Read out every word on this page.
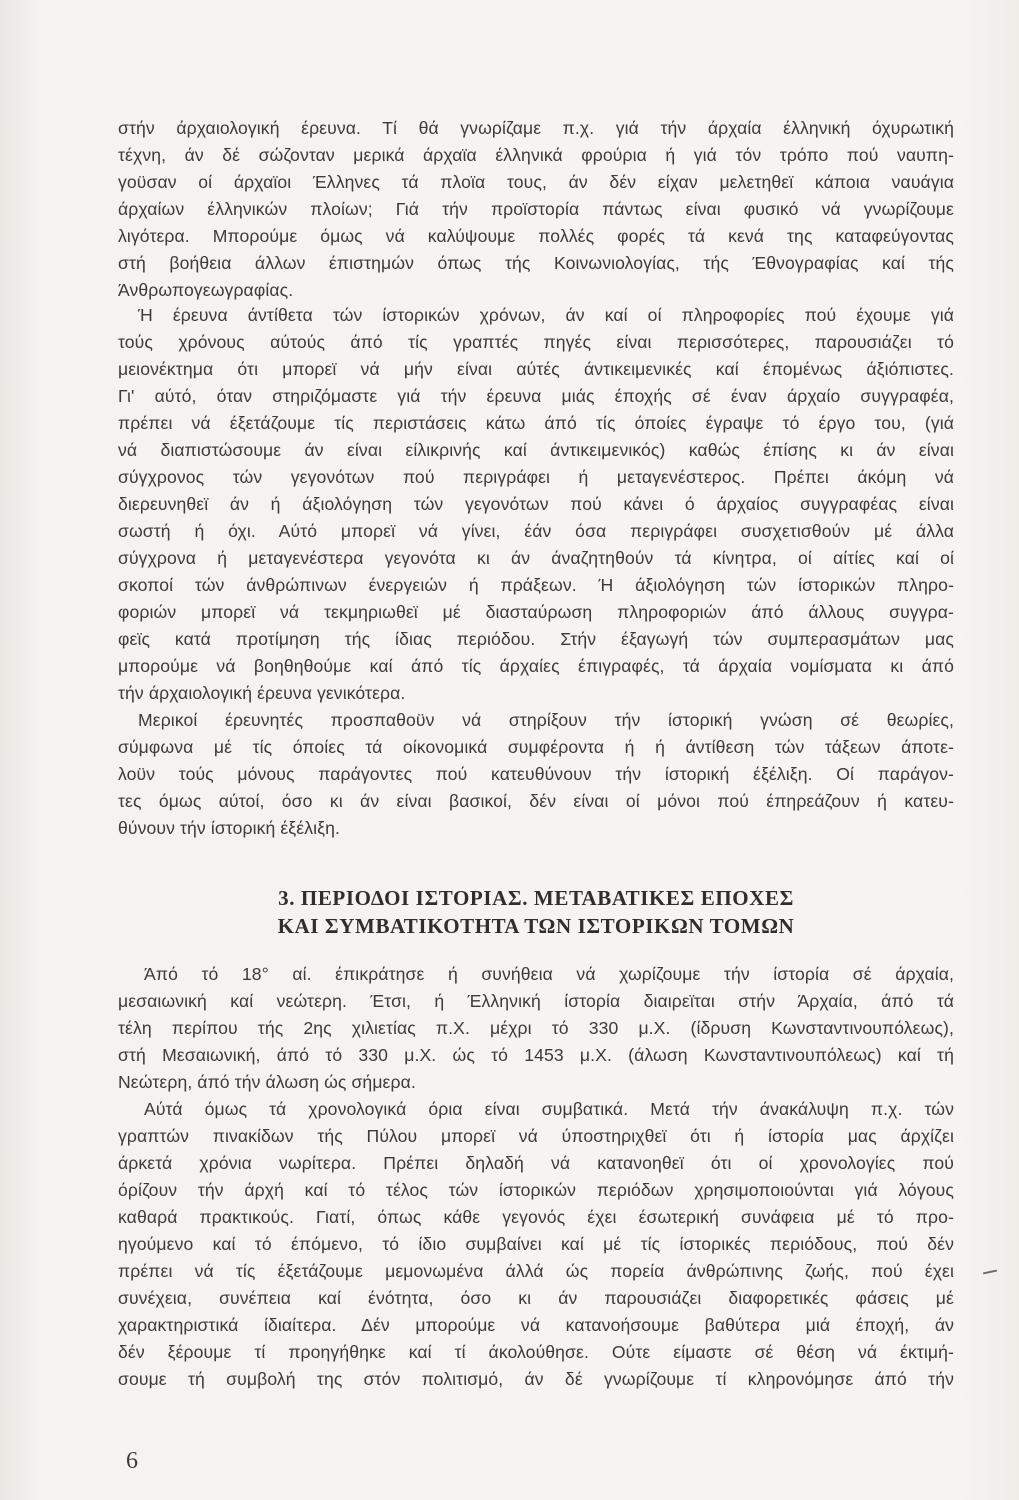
στήν άρχαιολογική έρευνα. Τί θά γνωρίζαμε π.χ. γιά τήν άρχαία έλληνική όχυρωτική
τέχνη, άν δέ σώζονταν μερικά άρχαϊα έλληνικά φρούρια ή γιά τόν τρόπο πού ναυπη-
γοϋσαν οί άρχαϊοι Έλληνες τά πλοϊα τους, άν δέν είχαν μελετηθεϊ κάποια ναυάγια
άρχαίων έλληνικών πλοίων; Γιά τήν προϊστορία πάντως είναι φυσικό νά γνωρίζουμε
λιγότερα. Μπορούμε όμως νά καλύψουμε πολλές φορές τά κενά της καταφεύγοντας
στή βοήθεια άλλων έπιστημών όπως τής Κοινωνιολογίας, τής Έθνογραφίας καί τής
Άνθρωπογεωγραφίας.
Ή έρευνα άντίθετα τών ίστορικών χρόνων, άν καί οί πληροφορίες πού έχουμε γιά
τούς χρόνους αύτούς άπό τίς γραπτές πηγές είναι περισσότερες, παρουσιάζει τό
μειονέκτημα ότι μπορεϊ νά μήν είναι αύτές άντικειμενικές καί έπομένως άξιόπιστες.
Γι' αύτό, όταν στηριζόμαστε γιά τήν έρευνα μιάς έποχής σέ έναν άρχαίο συγγραφέα,
πρέπει νά έξετάζουμε τίς περιστάσεις κάτω άπό τίς όποίες έγραψε τό έργο του, (γιά
νά διαπιστώσουμε άν είναι είλικρινής καί άντικειμενικός) καθώς έπίσης κι άν είναι
σύγχρονος τών γεγονότων πού περιγράφει ή μεταγενέστερος. Πρέπει άκόμη νά
διερευνηθεϊ άν ή άξιολόγηση τών γεγονότων πού κάνει ό άρχαίος συγγραφέας είναι
σωστή ή όχι. Αύτό μπορεϊ νά γίνει, έάν όσα περιγράφει συσχετισθούν μέ άλλα
σύγχρονα ή μεταγενέστερα γεγονότα κι άν άναζητηθούν τά κίνητρα, οί αίτίες καί οί
σκοποί τών άνθρώπινων ένεργειών ή πράξεων. Ή άξιολόγηση τών ίστορικών πληρο-
φοριών μπορεϊ νά τεκμηριωθεϊ μέ διασταύρωση πληροφοριών άπό άλλους συγγρα-
φεϊς κατά προτίμηση τής ίδιας περιόδου. Στήν έξαγωγή τών συμπερασμάτων μας
μπορούμε νά βοηθηθούμε καί άπό τίς άρχαίες έπιγραφές, τά άρχαία νομίσματα κι άπό
τήν άρχαιολογική έρευνα γενικότερα.
Μερικοί έρευνητές προσπαθοϋν νά στηρίξουν τήν ίστορική γνώση σέ θεωρίες,
σύμφωνα μέ τίς όποίες τά οίκονομικά συμφέροντα ή ή άντίθεση τών τάξεων άποτε-
λοϋν τούς μόνους παράγοντες πού κατευθύνουν τήν ίστορική έξέλιξη. Οί παράγον-
τες όμως αύτοί, όσο κι άν είναι βασικοί, δέν είναι οί μόνοι πού έπηρεάζουν ή κατευ-
θύνουν τήν ίστορική έξέλιξη.
3. ΠΕΡΙΟΔΟΙ ΙΣΤΟΡΙΑΣ. ΜΕΤΑΒΑΤΙΚΕΣ ΕΠΟΧΕΣ
ΚΑΙ ΣΥΜΒΑΤΙΚΟΤΗΤΑ ΤΩΝ ΙΣΤΟΡΙΚΩΝ ΤΟΜΩΝ
Άπό τό 18° αί. έπικράτησε ή συνήθεια νά χωρίζουμε τήν ίστορία σέ άρχαία,
μεσαιωνική καί νεώτερη. Έτσι, ή Έλληνική ίστορία διαιρεϊται στήν Άρχαία, άπό τά
τέλη περίπου τής 2ης χιλιετίας π.Χ. μέχρι τό 330 μ.Χ. (ίδρυση Κωνσταντινουπόλεως),
στή Μεσαιωνική, άπό τό 330 μ.Χ. ώς τό 1453 μ.Χ. (άλωση Κωνσταντινουπόλεως) καί τή
Νεώτερη, άπό τήν άλωση ώς σήμερα.
Αύτά όμως τά χρονολογικά όρια είναι συμβατικά. Μετά τήν άνακάλυψη π.χ. τών
γραπτών πινακίδων τής Πύλου μπορεϊ νά ύποστηριχθεϊ ότι ή ίστορία μας άρχίζει
άρκετά χρόνια νωρίτερα. Πρέπει δηλαδή νά κατανοηθεϊ ότι οί χρονολογίες πού
όρίζουν τήν άρχή καί τό τέλος τών ίστορικών περιόδων χρησιμοποιούνται γιά λόγους
καθαρά πρακτικούς. Γιατί, όπως κάθε γεγονός έχει έσωτερική συνάφεια μέ τό προ-
ηγούμενο καί τό έπόμενο, τό ίδιο συμβαίνει καί μέ τίς ίστορικές περιόδους, πού δέν
πρέπει νά τίς έξετάζουμε μεμονωμένα άλλά ώς πορεία άνθρώπινης ζωής, πού έχει
συνέχεια, συνέπεια καί ένότητα, όσο κι άν παρουσιάζει διαφορετικές φάσεις μέ
χαρακτηριστικά ίδιαίτερα. Δέν μπορούμε νά κατανοήσουμε βαθύτερα μιά έποχή, άν
δέν ξέρουμε τί προηγήθηκε καί τί άκολούθησε. Ούτε είμαστε σέ θέση νά έκτιμή-
σουμε τή συμβολή της στόν πολιτισμό, άν δέ γνωρίζουμε τί κληρονόμησε άπό τήν
6
